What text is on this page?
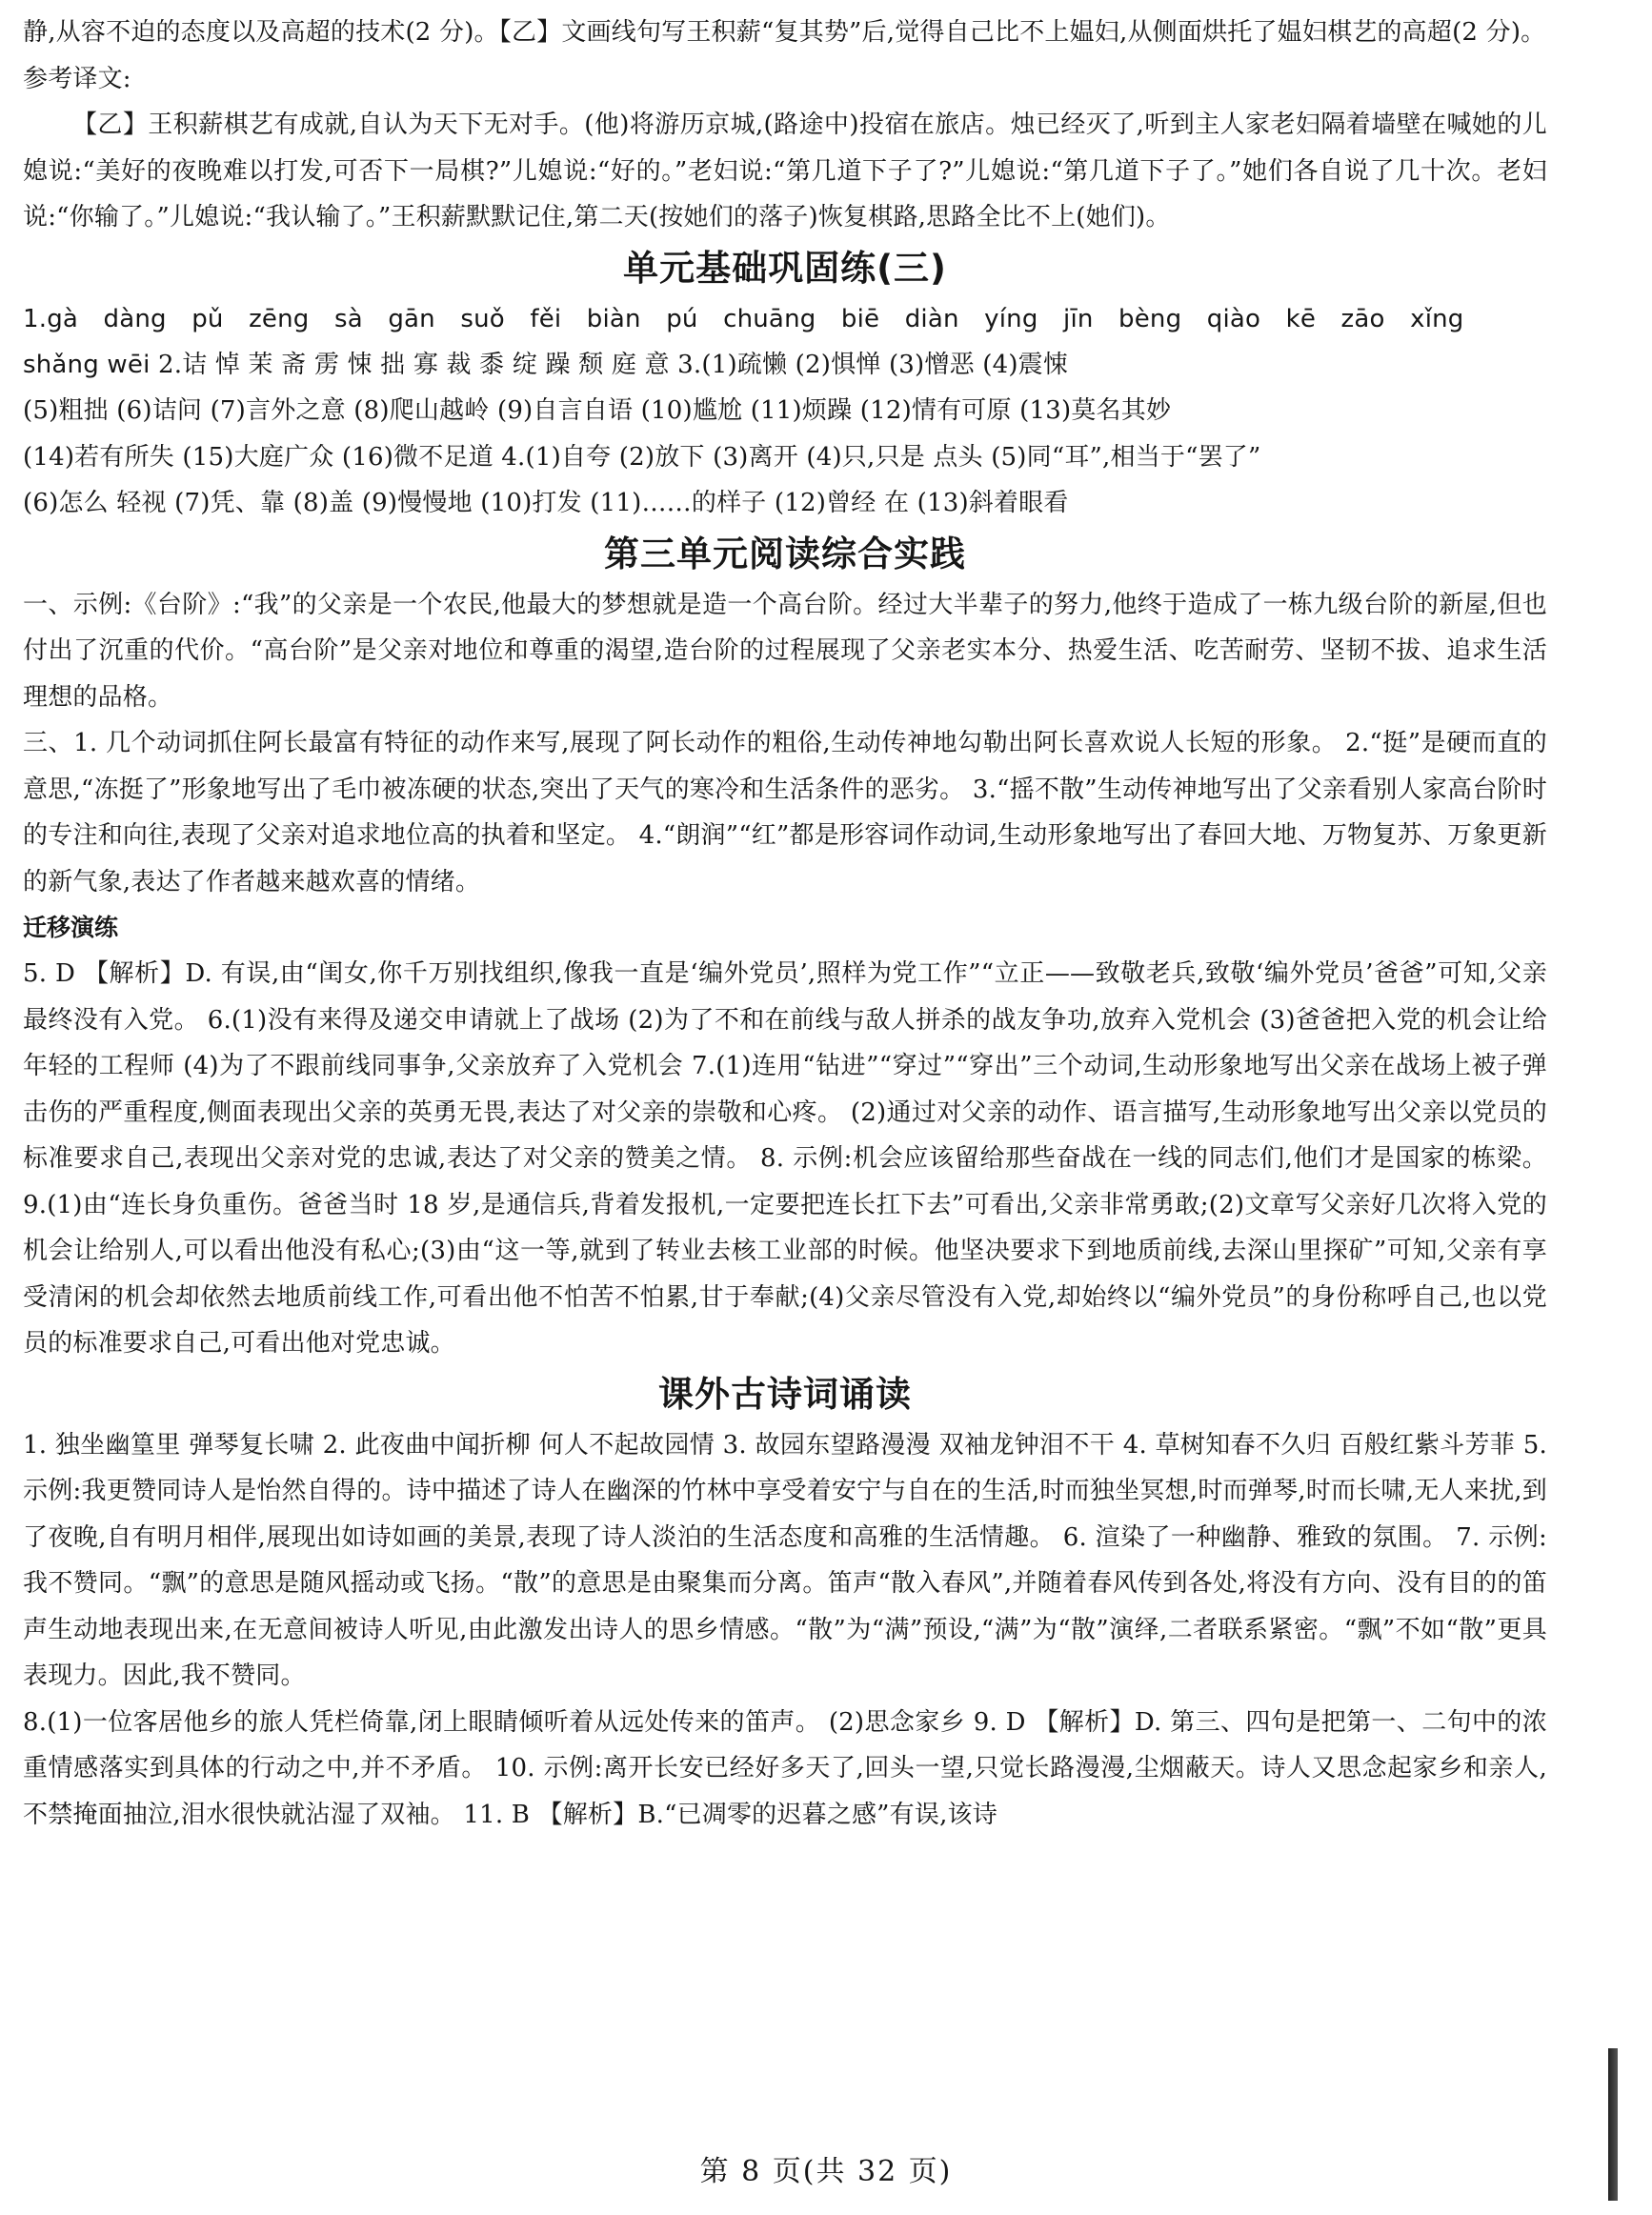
静,从容不迫的态度以及高超的技术(2 分)。【乙】文画线句写王积薪“复其势”后,觉得自己比不上媪妇,从侧面烘托了媪妇棋艺的高超(2 分)。

参考译文:

【乙】王积薪棋艺有成就,自认为天下无对手。(他)将游历京城,(路途中)投宿在旅店。烛已经灭了,听到主人家老妇隔着墙壁在喊她的儿媳说:“美好的夜晚难以打发,可否下一局棋?”儿媳说:“好的。”老妇说:“第几道下子了?”儿媳说:“第几道下子了。”她们各自说了几十次。老妇说:“你输了。”儿媳说:“我认输了。”王积薪默默记住,第二天(按她们的落子)恢复棋路,思路全比不上(她们)。

单元基础巩固练(三)

1.gà dàng pǔ zēng sà gān suǒ fěi biàn pú chuāng biē diàn yíng jīn bèng qiào kē zāo xǐng

shǎng wēi 2.诘 悼 茉 斋 雳 悚 拙 寡 裁 黍 绽 躁 颓 庭 意 3.(1)疏懒 (2)惧惮 (3)憎恶 (4)震悚

(5)粗拙 (6)诘问 (7)言外之意 (8)爬山越岭 (9)自言自语 (10)尴尬 (11)烦躁 (12)情有可原 (13)莫名其妙

(14)若有所失 (15)大庭广众 (16)微不足道 4.(1)自夸 (2)放下 (3)离开 (4)只,只是 点头 (5)同“耳”,相当于“罢了”

(6)怎么 轻视 (7)凭、靠 (8)盖 (9)慢慢地 (10)打发 (11)……的样子 (12)曾经 在 (13)斜着眼看

第三单元阅读综合实践

一、示例:《台阶》:“我”的父亲是一个农民,他最大的梦想就是造一个高台阶。经过大半辈子的努力,他终于造成了一栋九级台阶的新屋,但也付出了沉重的代价。“高台阶”是父亲对地位和尊重的渴望,造台阶的过程展现了父亲老实本分、热爱生活、吃苦耐劳、坚韧不拔、追求生活理想的品格。

三、1. 几个动词抓住阿长最富有特征的动作来写,展现了阿长动作的粗俗,生动传神地勾勒出阿长喜欢说人长短的形象。 2.“挺”是硬而直的意思,“冻挺了”形象地写出了毛巾被冻硬的状态,突出了天气的寒冷和生活条件的恶劣。 3.“摇不散”生动传神地写出了父亲看别人家高台阶时的专注和向往,表现了父亲对追求地位高的执着和坚定。 4.“朗润”“红”都是形容词作动词,生动形象地写出了春回大地、万物复苏、万象更新的新气象,表达了作者越来越欢喜的情绪。

迁移演练

5. D 【解析】D. 有误,由“闺女,你千万别找组织,像我一直是‘编外党员’,照样为党工作”“立正——致敬老兵,致敬‘编外党员’爸爸”可知,父亲最终没有入党。 6.(1)没有来得及递交申请就上了战场 (2)为了不和在前线与敌人拼杀的战友争功,放弃入党机会 (3)爸爸把入党的机会让给年轻的工程师 (4)为了不跟前线同事争,父亲放弃了入党机会 7.(1)连用“钻进”“穿过”“穿出”三个动词,生动形象地写出父亲在战场上被子弹击伤的严重程度,侧面表现出父亲的英勇无畏,表达了对父亲的崇敬和心疼。 (2)通过对父亲的动作、语言描写,生动形象地写出父亲以党员的标准要求自己,表现出父亲对党的忠诚,表达了对父亲的赞美之情。 8. 示例:机会应该留给那些奋战在一线的同志们,他们才是国家的栋梁。 9.(1)由“连长身负重伤。爸爸当时 18 岁,是通信兵,背着发报机,一定要把连长扛下去”可看出,父亲非常勇敢;(2)文章写父亲好几次将入党的机会让给别人,可以看出他没有私心;(3)由“这一等,就到了转业去核工业部的时候。他坚决要求下到地质前线,去深山里探矿”可知,父亲有享受清闲的机会却依然去地质前线工作,可看出他不怕苦不怕累,甘于奉献;(4)父亲尽管没有入党,却始终以“编外党员”的身份称呼自己,也以党员的标准要求自己,可看出他对党忠诚。

课外古诗词诵读

1. 独坐幽篁里 弹琴复长啸 2. 此夜曲中闻折柳 何人不起故园情 3. 故园东望路漫漫 双袖龙钟泪不干 4. 草树知春不久归 百般红紫斗芳菲 5. 示例:我更赞同诗人是怡然自得的。诗中描述了诗人在幽深的竹林中享受着安宁与自在的生活,时而独坐冥想,时而弹琴,时而长啸,无人来扰,到了夜晚,自有明月相伴,展现出如诗如画的美景,表现了诗人淡泊的生活态度和高雅的生活情趣。 6. 渲染了一种幽静、雅致的氛围。 7. 示例:我不赞同。“飘”的意思是随风摇动或飞扬。“散”的意思是由聚集而分离。笛声“散入春风”,并随着春风传到各处,将没有方向、没有目的的笛声生动地表现出来,在无意间被诗人听见,由此激发出诗人的思乡情感。“散”为“满”预设,“满”为“散”演绎,二者联系紧密。“飘”不如“散”更具表现力。因此,我不赞同。

8.(1)一位客居他乡的旅人凭栏倚靠,闭上眼睛倾听着从远处传来的笛声。 (2)思念家乡 9. D 【解析】D. 第三、四句是把第一、二句中的浓重情感落实到具体的行动之中,并不矛盾。 10. 示例:离开长安已经好多天了,回头一望,只觉长路漫漫,尘烟蔽天。诗人又思念起家乡和亲人,不禁掩面抽泣,泪水很快就沾湿了双袖。 11. B 【解析】B.“已凋零的迟暮之感”有误,该诗

第 8 页(共 32 页)
